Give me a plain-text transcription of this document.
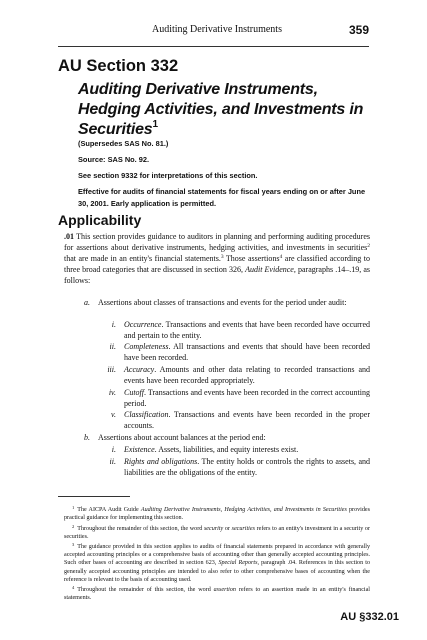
Auditing Derivative Instruments	359
AU Section 332
Auditing Derivative Instruments, Hedging Activities, and Investments in Securities$^1$
(Supersedes SAS No. 81.)
Source: SAS No. 92.
See section 9332 for interpretations of this section.
Effective for audits of financial statements for fiscal years ending on or after June 30, 2001. Early application is permitted.
Applicability
.01 This section provides guidance to auditors in planning and performing auditing procedures for assertions about derivative instruments, hedging activities, and investments in securities$^2$ that are made in an entity's financial statements.$^3$ Those assertions$^4$ are classified according to three broad categories that are discussed in section 326, Audit Evidence, paragraphs .14–.19, as follows:
a. Assertions about classes of transactions and events for the period under audit:
i. Occurrence. Transactions and events that have been recorded have occurred and pertain to the entity.
ii. Completeness. All transactions and events that should have been recorded have been recorded.
iii. Accuracy. Amounts and other data relating to recorded transactions and events have been recorded appropriately.
iv. Cutoff. Transactions and events have been recorded in the correct accounting period.
v. Classification. Transactions and events have been recorded in the proper accounts.
b. Assertions about account balances at the period end:
i. Existence. Assets, liabilities, and equity interests exist.
ii. Rights and obligations. The entity holds or controls the rights to assets, and liabilities are the obligations of the entity.
$^1$ The AICPA Audit Guide Auditing Derivative Instruments, Hedging Activities, and Investments in Securities provides practical guidance for implementing this section.
$^2$ Throughout the remainder of this section, the word security or securities refers to an entity's investment in a security or securities.
$^3$ The guidance provided in this section applies to audits of financial statements prepared in accordance with generally accepted accounting principles or a comprehensive basis of accounting other than generally accepted accounting principles. Such other bases of accounting are described in section 623, Special Reports, paragraph .04. References in this section to generally accepted accounting principles are intended to also refer to other comprehensive bases of accounting when the reference is relevant to the basis of accounting used.
$^4$ Throughout the remainder of this section, the word assertion refers to an assertion made in an entity's financial statements.
AU §332.01
